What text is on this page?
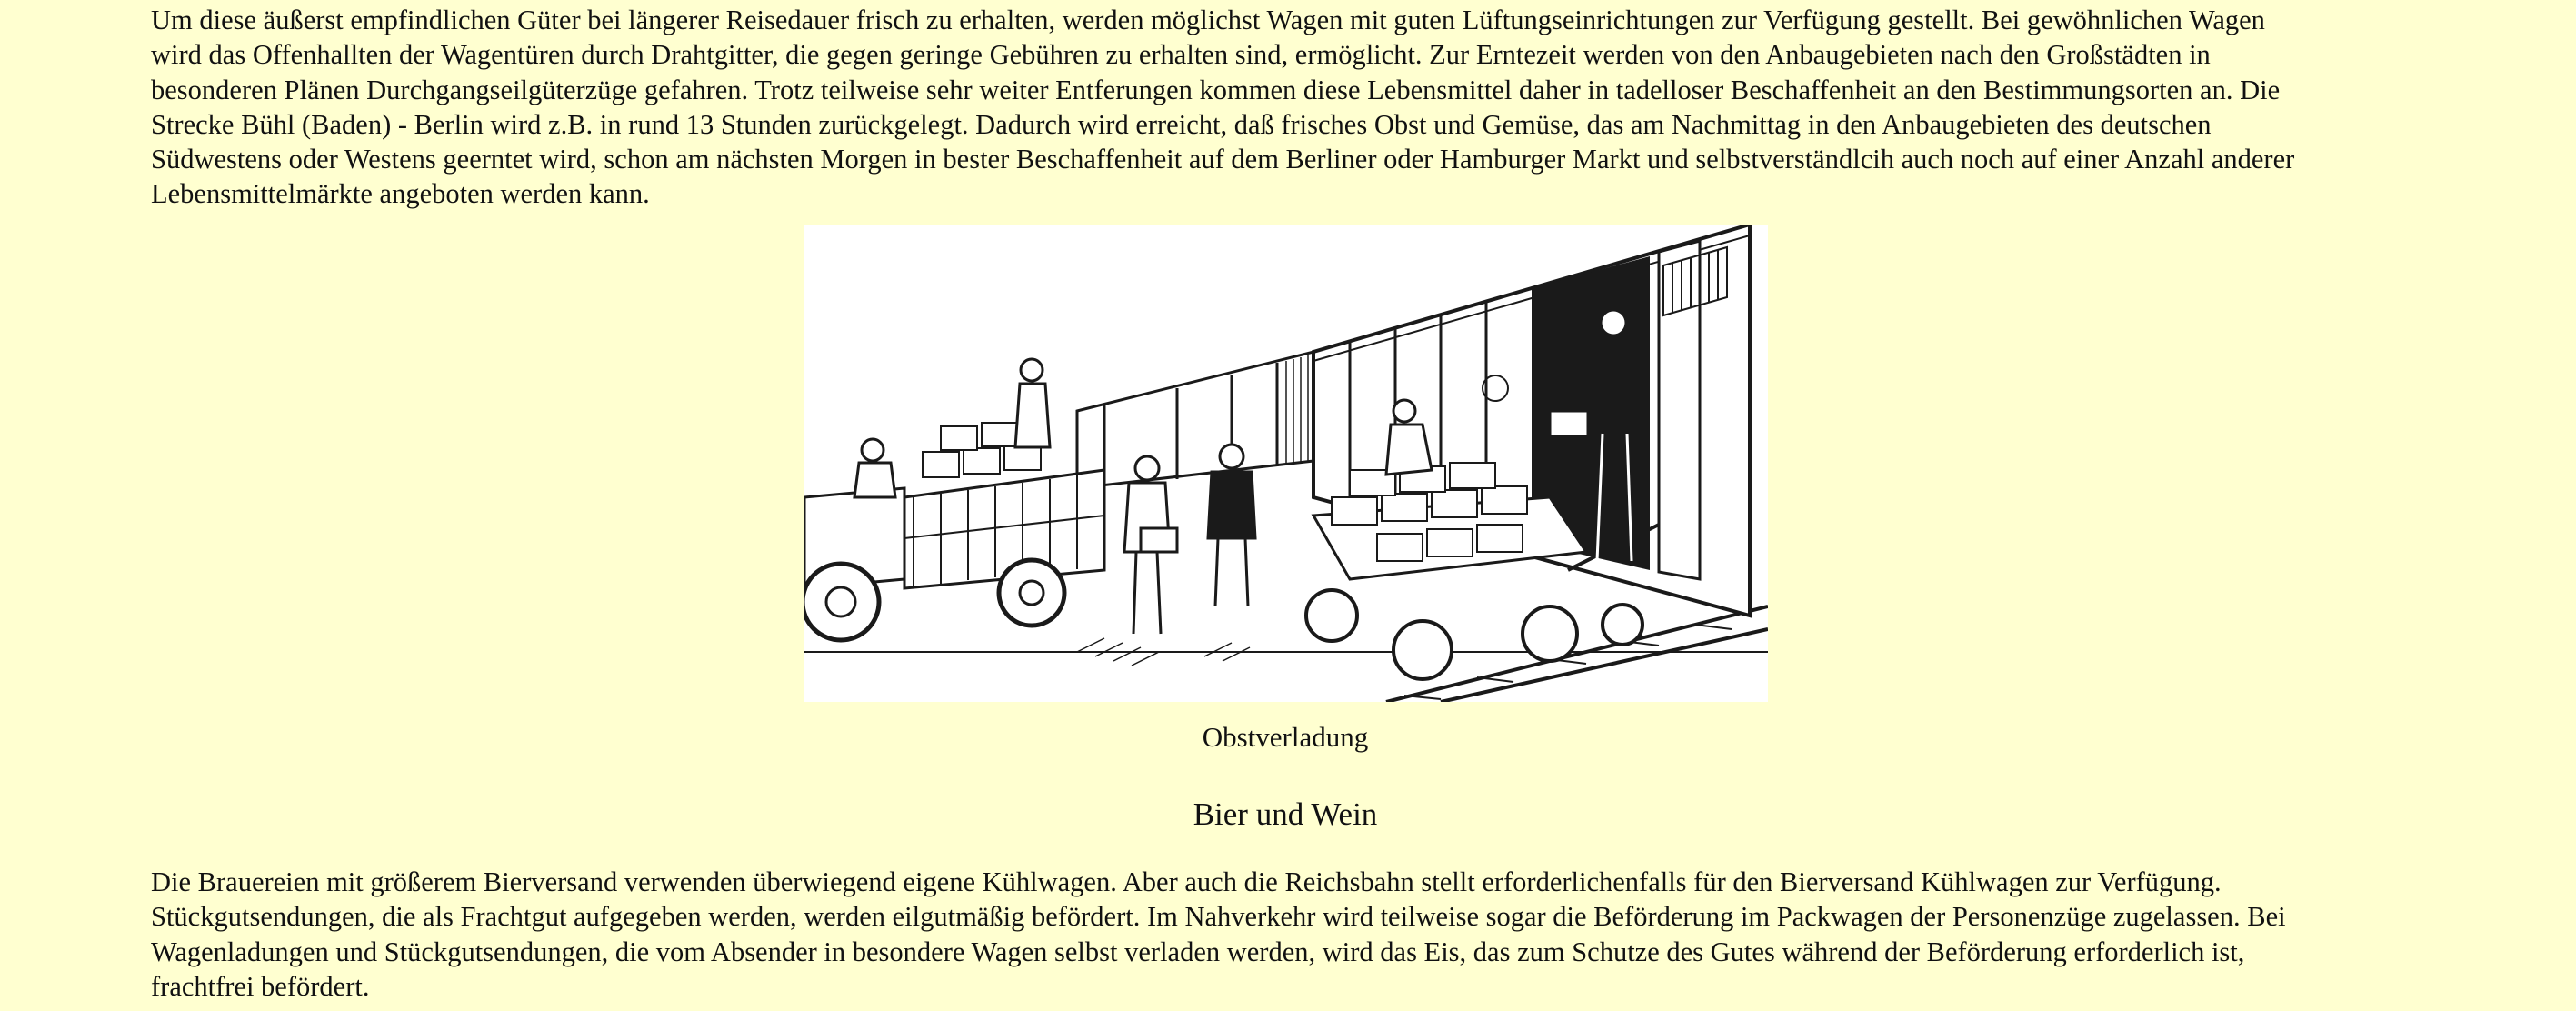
Um diese äußerst empfindlichen Güter bei längerer Reisedauer frisch zu erhalten, werden möglichst Wagen mit guten Lüftungseinrichtungen zur Verfügung gestellt. Bei gewöhnlichen Wagen
wird das Offenhallten der Wagentüren durch Drahtgitter, die gegen geringe Gebühren zu erhalten sind, ermöglicht. Zur Erntezeit werden von den Anbaugebieten nach den Großstädten in
besonderen Plänen Durchgangseilgüterzüge gefahren. Trotz teilweise sehr weiter Entferungen kommen diese Lebensmittel daher in tadelloser Beschaffenheit an den Bestimmungsorten an. Die
Strecke Bühl (Baden) - Berlin wird z.B. in rund 13 Stunden zurückgelegt. Dadurch wird erreicht, daß frisches Obst und Gemüse, das am Nachmittag in den Anbaugebieten des deutschen
Südwestens oder Westens geerntet wird, schon am nächsten Morgen in bester Beschaffenheit auf dem Berliner oder Hamburger Markt und selbstverständlcih auch noch auf einer Anzahl anderer
Lebensmittelmärkte angeboten werden kann.

Obstverladung
Bier und Wein

Die Brauereien mit größerem Bierversand verwenden überwiegend eigene Kühlwagen. Aber auch die Reichsbahn stellt erforderlichenfalls für den Bierversand Kühlwagen zur Verfügung.
Stückgutsendungen, die als Frachtgut aufgegeben werden, werden eilgutmäßig befördert. Im Nahverkehr wird teilweise sogar die Beförderung im Packwagen der Personenzüge zugelassen. Bei
Wagenladungen und Stückgutsendungen, die vom Absender in besondere Wagen selbst verladen werden, wird das Eis, das zum Schutze des Gutes während der Beförderung erforderlich ist,
frachtfrei befördert.
